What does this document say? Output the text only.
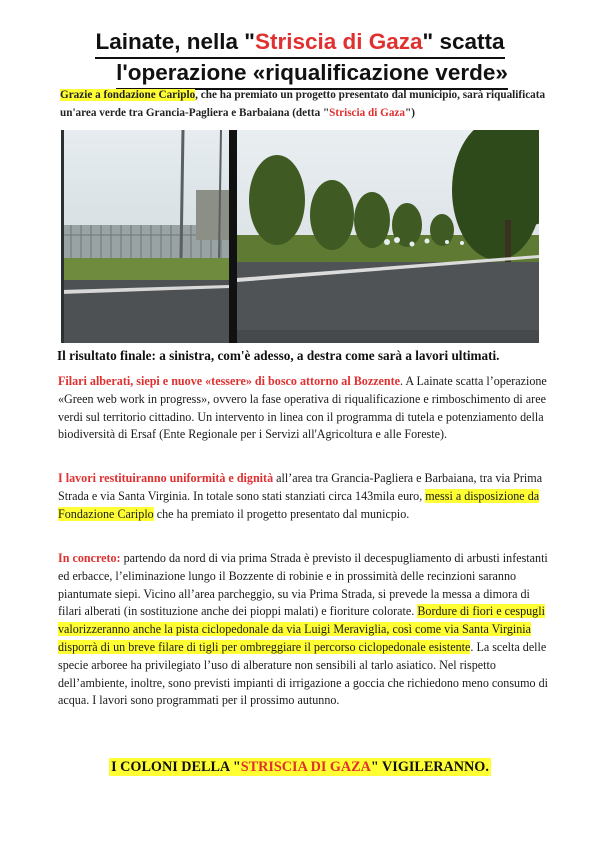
Lainate, nella "Striscia di Gaza" scatta
l'operazione «riqualificazione verde»
Grazie a fondazione Cariplo, che ha premiato un progetto presentato dal municipio, sarà riqualificata un'area verde tra Grancia-Pagliera e Barbaiana (detta "Striscia di Gaza")
Il risultato finale: a sinistra, com'è adesso, a destra come sarà a lavori ultimati.
Filari alberati, siepi e nuove «tessere» di bosco attorno al Bozzente. A Lainate scatta l’operazione «Green web work in progress», ovvero la fase operativa di riqualificazione e rimboschimento di aree verdi sul territorio cittadino. Un intervento in linea con il programma di tutela e potenziamento della biodiversità di Ersaf (Ente Regionale per i Servizi all'Agricoltura e alle Foreste).
I lavori restituiranno uniformità e dignità all’area tra Grancia-Pagliera e Barbaiana, tra via Prima Strada e via Santa Virginia. In totale sono stati stanziati circa 143mila euro, messi a disposizione da Fondazione Cariplo che ha premiato il progetto presentato dal municpio.
In concreto: partendo da nord di via prima Strada è previsto il decespugliamento di arbusti infestanti ed erbacce, l’eliminazione lungo il Bozzente di robinie e in prossimità delle recinzioni saranno piantumate siepi. Vicino all’area parcheggio, su via Prima Strada, si prevede la messa a dimora di filari alberati (in sostituzione anche dei pioppi malati) e fioriture colorate. Bordure di fiori e cespugli valorizzeranno anche la pista ciclopedonale da via Luigi Meraviglia, così come via Santa Virginia disporrà di un breve filare di tigli per ombreggiare il percorso ciclopedonale esistente. La scelta delle specie arboree ha privilegiato l’uso di alberature non sensibili al tarlo asiatico. Nel rispetto dell’ambiente, inoltre, sono previsti impianti di irrigazione a goccia che richiedono meno consumo di acqua. I lavori sono programmati per il prossimo autunno.
I COLONI DELLA "STRISCIA DI GAZA" VIGILERANNO.
